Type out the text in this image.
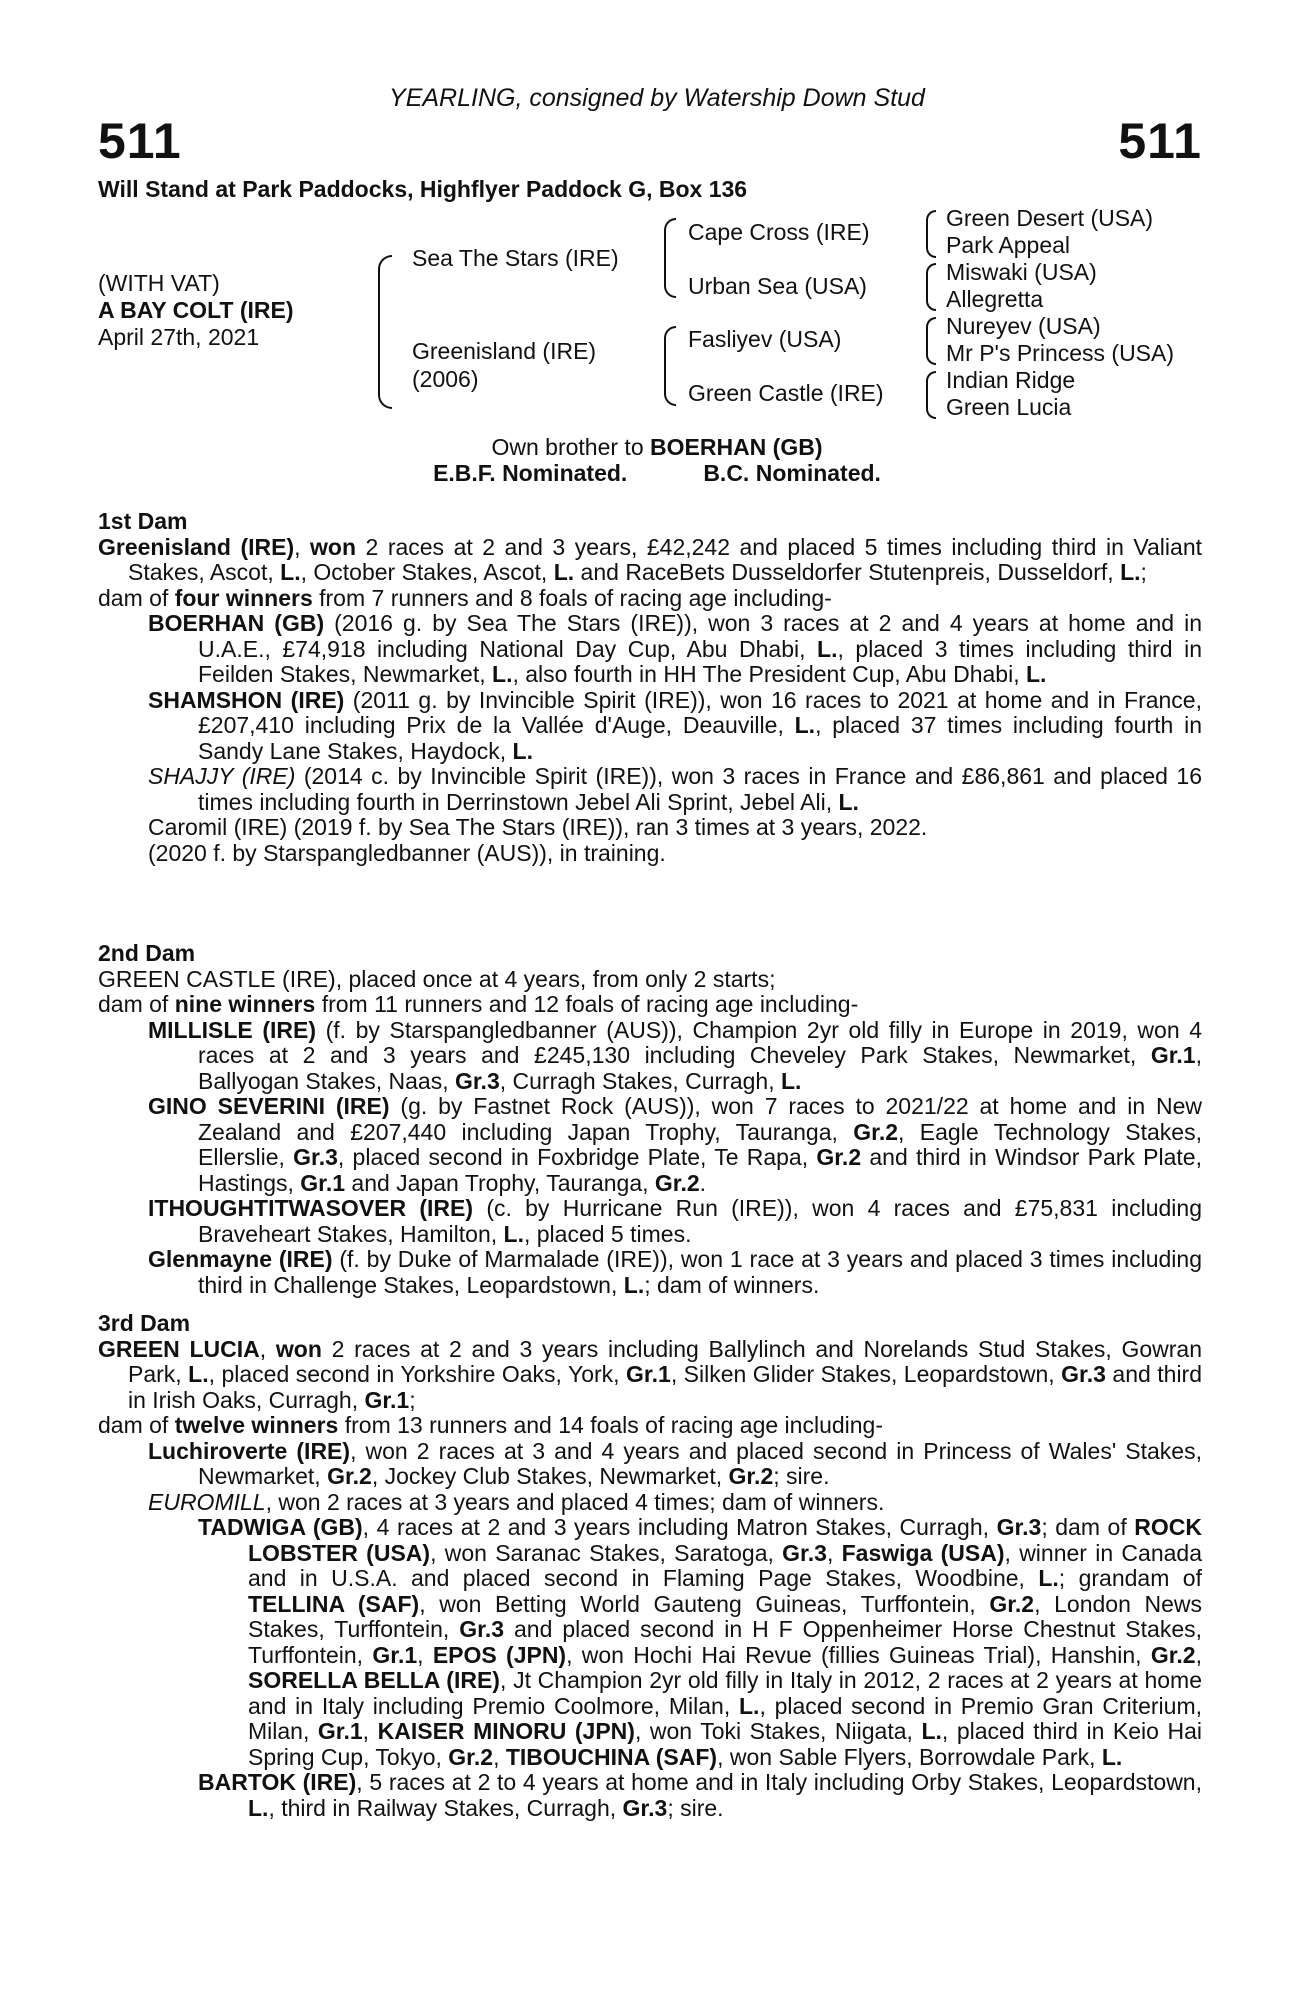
YEARLING, consigned by Watership Down Stud
511	511
Will Stand at Park Paddocks, Highflyer Paddock G, Box 136
(WITH VAT)
A BAY COLT (IRE)
April 27th, 2021
Sea The Stars (IRE)
Greenisland (IRE)
(2006)
Cape Cross (IRE)
Urban Sea (USA)
Fasliyev (USA)
Green Castle (IRE)
Green Desert (USA)
Park Appeal
Miswaki (USA)
Allegretta
Nureyev (USA)
Mr P's Princess (USA)
Indian Ridge
Green Lucia
Own brother to BOERHAN (GB)
E.B.F. Nominated.	B.C. Nominated.
1st Dam
Greenisland (IRE), won 2 races at 2 and 3 years, £42,242 and placed 5 times including third in Valiant Stakes, Ascot, L., October Stakes, Ascot, L. and RaceBets Dusseldorfer Stutenpreis, Dusseldorf, L.;
dam of four winners from 7 runners and 8 foals of racing age including-
BOERHAN (GB) (2016 g. by Sea The Stars (IRE)), won 3 races at 2 and 4 years at home and in U.A.E., £74,918 including National Day Cup, Abu Dhabi, L., placed 3 times including third in Feilden Stakes, Newmarket, L., also fourth in HH The President Cup, Abu Dhabi, L.
SHAMSHON (IRE) (2011 g. by Invincible Spirit (IRE)), won 16 races to 2021 at home and in France, £207,410 including Prix de la Vallée d'Auge, Deauville, L., placed 37 times including fourth in Sandy Lane Stakes, Haydock, L.
SHAJJY (IRE) (2014 c. by Invincible Spirit (IRE)), won 3 races in France and £86,861 and placed 16 times including fourth in Derrinstown Jebel Ali Sprint, Jebel Ali, L.
Caromil (IRE) (2019 f. by Sea The Stars (IRE)), ran 3 times at 3 years, 2022.
(2020 f. by Starspangledbanner (AUS)), in training.
2nd Dam
GREEN CASTLE (IRE), placed once at 4 years, from only 2 starts;
dam of nine winners from 11 runners and 12 foals of racing age including-
MILLISLE (IRE) (f. by Starspangledbanner (AUS)), Champion 2yr old filly in Europe in 2019, won 4 races at 2 and 3 years and £245,130 including Cheveley Park Stakes, Newmarket, Gr.1, Ballyogan Stakes, Naas, Gr.3, Curragh Stakes, Curragh, L.
GINO SEVERINI (IRE) (g. by Fastnet Rock (AUS)), won 7 races to 2021/22 at home and in New Zealand and £207,440 including Japan Trophy, Tauranga, Gr.2, Eagle Technology Stakes, Ellerslie, Gr.3, placed second in Foxbridge Plate, Te Rapa, Gr.2 and third in Windsor Park Plate, Hastings, Gr.1 and Japan Trophy, Tauranga, Gr.2.
ITHOUGHTITWASOVER (IRE) (c. by Hurricane Run (IRE)), won 4 races and £75,831 including Braveheart Stakes, Hamilton, L., placed 5 times.
Glenmayne (IRE) (f. by Duke of Marmalade (IRE)), won 1 race at 3 years and placed 3 times including third in Challenge Stakes, Leopardstown, L.; dam of winners.
3rd Dam
GREEN LUCIA, won 2 races at 2 and 3 years including Ballylinch and Norelands Stud Stakes, Gowran Park, L., placed second in Yorkshire Oaks, York, Gr.1, Silken Glider Stakes, Leopardstown, Gr.3 and third in Irish Oaks, Curragh, Gr.1;
dam of twelve winners from 13 runners and 14 foals of racing age including-
Luchiroverte (IRE), won 2 races at 3 and 4 years and placed second in Princess of Wales' Stakes, Newmarket, Gr.2, Jockey Club Stakes, Newmarket, Gr.2; sire.
EUROMILL, won 2 races at 3 years and placed 4 times; dam of winners.
TADWIGA (GB), 4 races at 2 and 3 years including Matron Stakes, Curragh, Gr.3; dam of ROCK LOBSTER (USA), won Saranac Stakes, Saratoga, Gr.3, Faswiga (USA), winner in Canada and in U.S.A. and placed second in Flaming Page Stakes, Woodbine, L.; grandam of TELLINA (SAF), won Betting World Gauteng Guineas, Turffontein, Gr.2, London News Stakes, Turffontein, Gr.3 and placed second in H F Oppenheimer Horse Chestnut Stakes, Turffontein, Gr.1, EPOS (JPN), won Hochi Hai Revue (fillies Guineas Trial), Hanshin, Gr.2, SORELLA BELLA (IRE), Jt Champion 2yr old filly in Italy in 2012, 2 races at 2 years at home and in Italy including Premio Coolmore, Milan, L., placed second in Premio Gran Criterium, Milan, Gr.1, KAISER MINORU (JPN), won Toki Stakes, Niigata, L., placed third in Keio Hai Spring Cup, Tokyo, Gr.2, TIBOUCHINA (SAF), won Sable Flyers, Borrowdale Park, L.
BARTOK (IRE), 5 races at 2 to 4 years at home and in Italy including Orby Stakes, Leopardstown, L., third in Railway Stakes, Curragh, Gr.3; sire.
